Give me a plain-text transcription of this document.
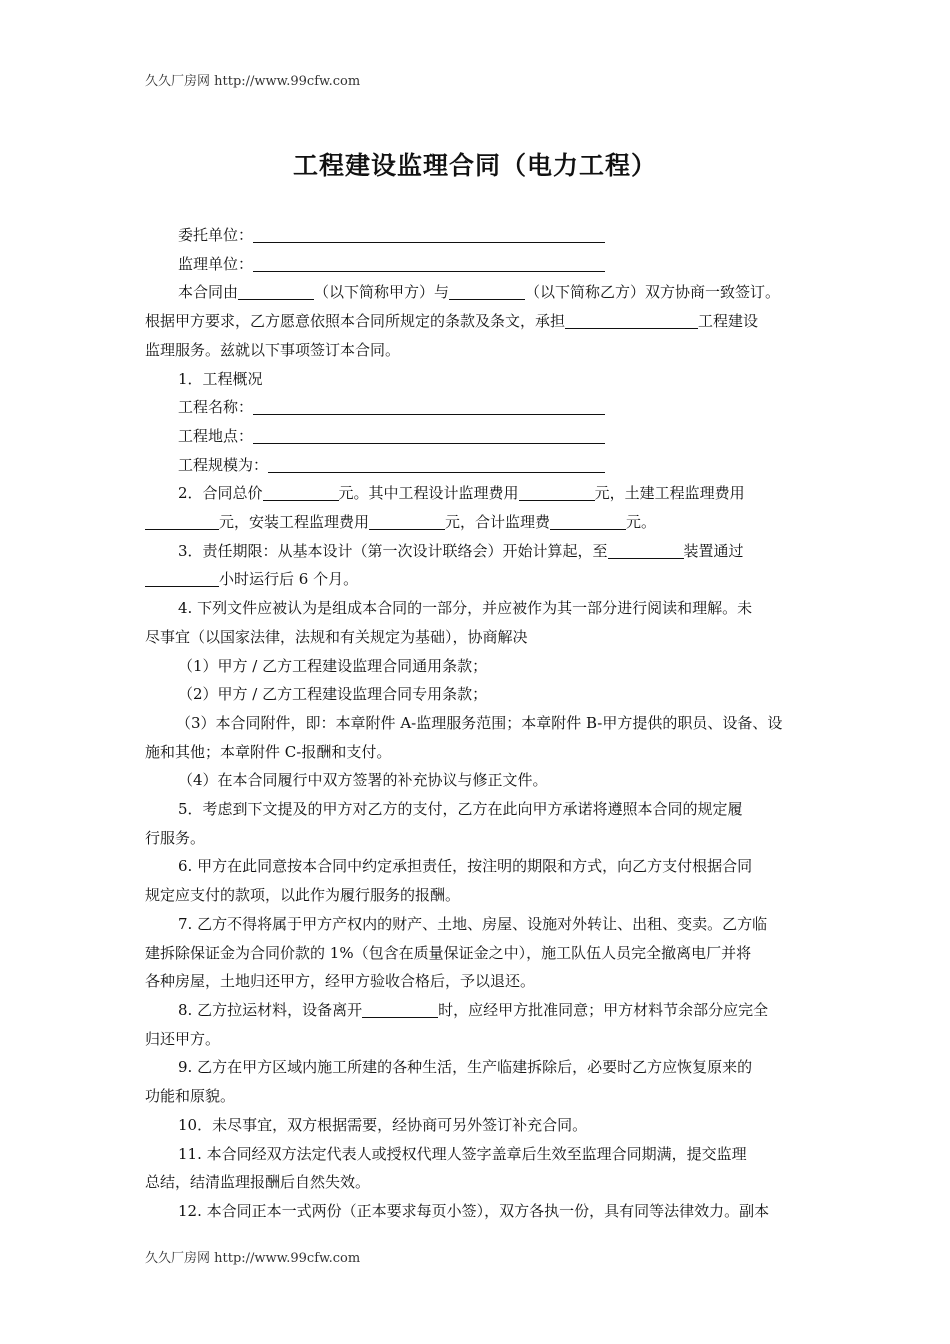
久久厂房网 http://www.99cfw.com
工程建设监理合同（电力工程）
委托单位：
监理单位：
本合同由	（以下简称甲方）与	（以下简称乙方）双方协商一致签订。
根据甲方要求，乙方愿意依照本合同所规定的条款及条文，承担	工程建设
监理服务。兹就以下事项签订本合同。
1．工程概况
工程名称：
工程地点：
工程规模为：
2．合同总价	元。其中工程设计监理费用	元，土建工程监理费用
元，安装工程监理费用	元，合计监理费	元。
3．责任期限：从基本设计（第一次设计联络会）开始计算起，至	装置通过
小时运行后 6 个月。
4. 下列文件应被认为是组成本合同的一部分，并应被作为其一部分进行阅读和理解。未
尽事宜（以国家法律，法规和有关规定为基础），协商解决
（1）甲方 / 乙方工程建设监理合同通用条款；
（2）甲方 / 乙方工程建设监理合同专用条款；
（3）本合同附件，即：本章附件 A-监理服务范围；本章附件 B-甲方提供的职员、设备、设
施和其他；本章附件 C-报酬和支付。
（4）在本合同履行中双方签署的补充协议与修正文件。
5．考虑到下文提及的甲方对乙方的支付，乙方在此向甲方承诺将遵照本合同的规定履
行服务。
6. 甲方在此同意按本合同中约定承担责任，按注明的期限和方式，向乙方支付根据合同
规定应支付的款项，以此作为履行服务的报酬。
7. 乙方不得将属于甲方产权内的财产、土地、房屋、设施对外转让、出租、变卖。乙方临
建拆除保证金为合同价款的 1%（包含在质量保证金之中），施工队伍人员完全撤离电厂并将
各种房屋，土地归还甲方，经甲方验收合格后，予以退还。
8. 乙方拉运材料，设备离开	时，应经甲方批准同意；甲方材料节余部分应完全
归还甲方。
9. 乙方在甲方区域内施工所建的各种生活，生产临建拆除后，必要时乙方应恢复原来的
功能和原貌。
10．未尽事宜，双方根据需要，经协商可另外签订补充合同。
11. 本合同经双方法定代表人或授权代理人签字盖章后生效至监理合同期满，提交监理
总结，结清监理报酬后自然失效。
12. 本合同正本一式两份（正本要求每页小签），双方各执一份，具有同等法律效力。副本
久久厂房网 http://www.99cfw.com
